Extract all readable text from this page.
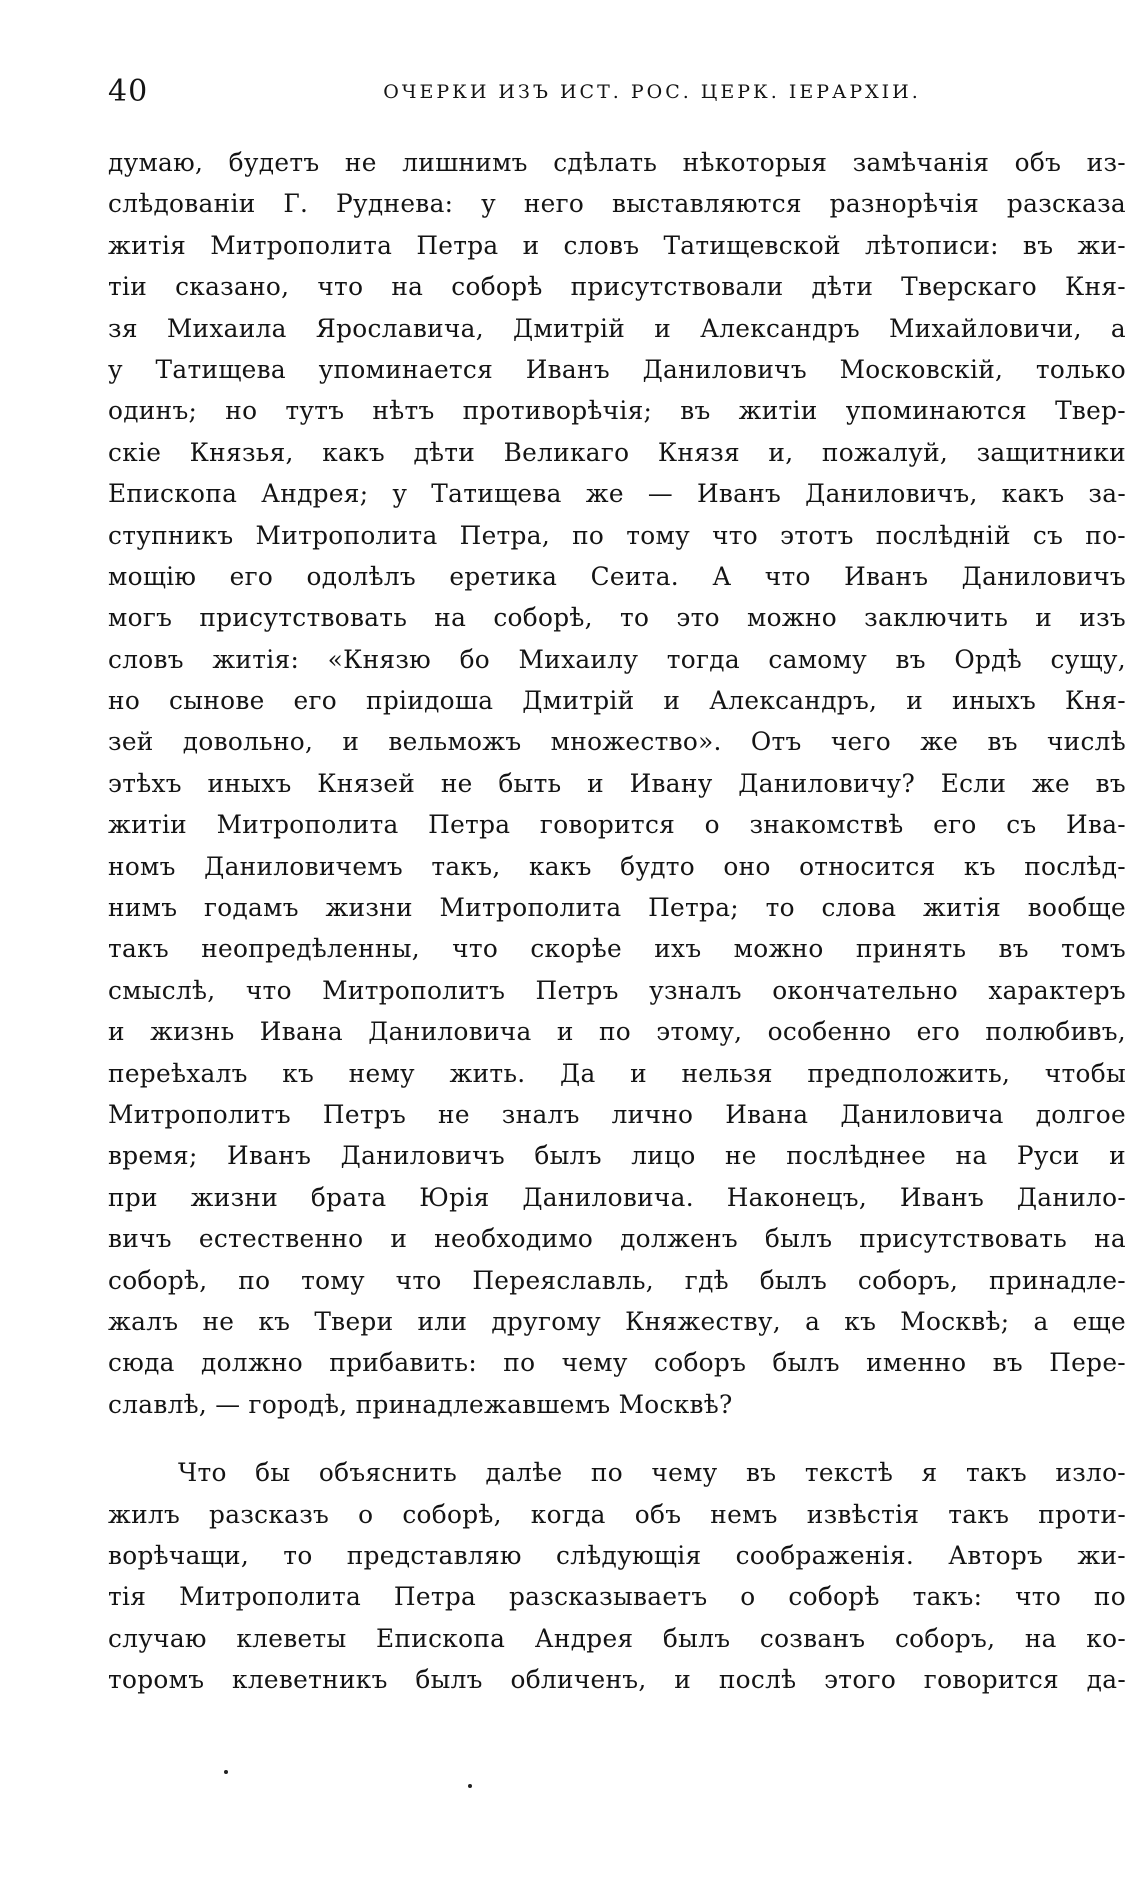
40	ОЧЕРКИ ИЗЪ ИСТ. РОС. ЦЕРК. ІЕРАРХІИ.
думаю, будетъ не лишнимъ сдѣлать нѣкоторыя замѣчанія объ из-
слѣдованіи Г. Руднева: у него выставляются разнорѣчія разсказа
житія Митрополита Петра и словъ Татищевской лѣтописи: въ жи-
тіи сказано, что на соборѣ присутствовали дѣти Тверскаго Кня-
зя Михаила Ярославича, Дмитрій и Александръ Михайловичи, а
у Татищева упоминается Иванъ Даниловичъ Московскій, только
одинъ; но тутъ нѣтъ противорѣчія; въ житіи упоминаются Твер-
скіе Князья, какъ дѣти Великаго Князя и, пожалуй, защитники
Епископа Андрея; у Татищева же — Иванъ Даниловичъ, какъ за-
ступникъ Митрополита Петра, по тому что этотъ послѣдній съ по-
мощію его одолѣлъ еретика Сеита. А что Иванъ Даниловичъ
могъ присутствовать на соборѣ, то это можно заключить и изъ
словъ житія: «Князю бо Михаилу тогда самому въ Ордѣ сущу,
но сынове его пріидоша Дмитрій и Александръ, и иныхъ Кня-
зей довольно, и вельможъ множество». Отъ чего же въ числѣ
этѣхъ иныхъ Князей не быть и Ивану Даниловичу? Если же въ
житіи Митрополита Петра говорится о знакомствѣ его съ Ива-
номъ Даниловичемъ такъ, какъ будто оно относится къ послѣд-
нимъ годамъ жизни Митрополита Петра; то слова житія вообще
такъ неопредѣленны, что скорѣе ихъ можно принять въ томъ
смыслѣ, что Митрополитъ Петръ узналъ окончательно характеръ
и жизнь Ивана Даниловича и по этому, особенно его полюбивъ,
переѣхалъ къ нему жить. Да и нельзя предположить, чтобы
Митрополитъ Петръ не зналъ лично Ивана Даниловича долгое
время; Иванъ Даниловичъ былъ лицо не послѣднее на Руси и
при жизни брата Юрія Даниловича. Наконецъ, Иванъ Данило-
вичъ естественно и необходимо долженъ былъ присутствовать на
соборѣ, по тому что Переяславль, гдѣ былъ соборъ, принадле-
жалъ не къ Твери или другому Княжеству, а къ Москвѣ; а еще
сюда должно прибавить: по чему соборъ былъ именно въ Пере-
славлѣ, — городѣ, принадлежавшемъ Москвѣ?
Что бы объяснить далѣе по чему въ текстѣ я такъ изло-
жилъ разсказъ о соборѣ, когда объ немъ извѣстія такъ проти-
ворѣчащи, то представляю слѣдующія соображенія. Авторъ жи-
тія Митрополита Петра разсказываетъ о соборѣ такъ: что по
случаю клеветы Епископа Андрея былъ созванъ соборъ, на ко-
торомъ клеветникъ былъ обличенъ, и послѣ этого говорится да-
